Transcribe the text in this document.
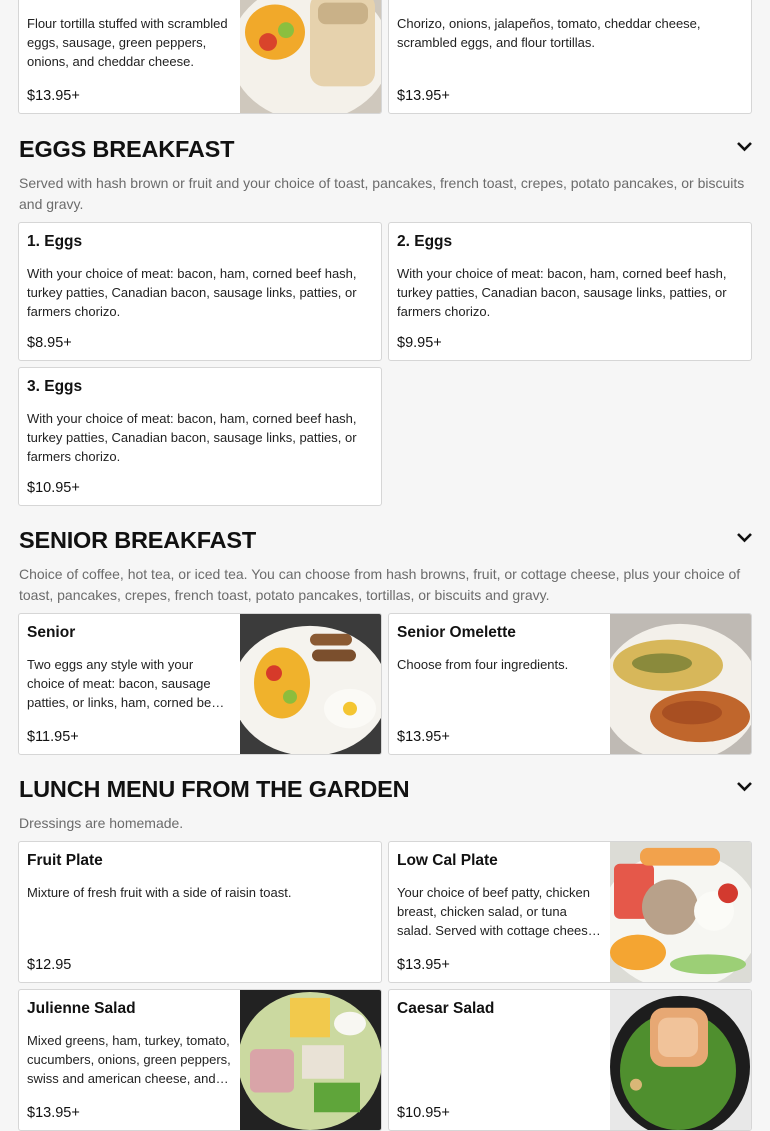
Flour tortilla stuffed with scrambled eggs, sausage, green peppers, onions, and cheddar cheese.
$13.95+
Chorizo, onions, jalapeños, tomato, cheddar cheese, scrambled eggs, and flour tortillas.
$13.95+
EGGS BREAKFAST
Served with hash brown or fruit and your choice of toast, pancakes, french toast, crepes, potato pancakes, or biscuits and gravy.
1. Eggs
With your choice of meat: bacon, ham, corned beef hash, turkey patties, Canadian bacon, sausage links, patties, or farmers chorizo.
$8.95+
2. Eggs
With your choice of meat: bacon, ham, corned beef hash, turkey patties, Canadian bacon, sausage links, patties, or farmers chorizo.
$9.95+
3. Eggs
With your choice of meat: bacon, ham, corned beef hash, turkey patties, Canadian bacon, sausage links, patties, or farmers chorizo.
$10.95+
SENIOR BREAKFAST
Choice of coffee, hot tea, or iced tea. You can choose from hash browns, fruit, or cottage cheese, plus your choice of toast, pancakes, crepes, french toast, potato pancakes, tortillas, or biscuits and gravy.
Senior
Two eggs any style with your choice of meat: bacon, sausage patties, or links, ham, corned beef
$11.95+
Senior Omelette
Choose from four ingredients.
$13.95+
LUNCH MENU FROM THE GARDEN
Dressings are homemade.
Fruit Plate
Mixture of fresh fruit with a side of raisin toast.
$12.95
Low Cal Plate
Your choice of beef patty, chicken breast, chicken salad, or tuna salad. Served with cottage cheese,
$13.95+
Julienne Salad
Mixed greens, ham, turkey, tomato, cucumbers, onions, green peppers, swiss and american cheese, and
$13.95+
Caesar Salad
$10.95+
